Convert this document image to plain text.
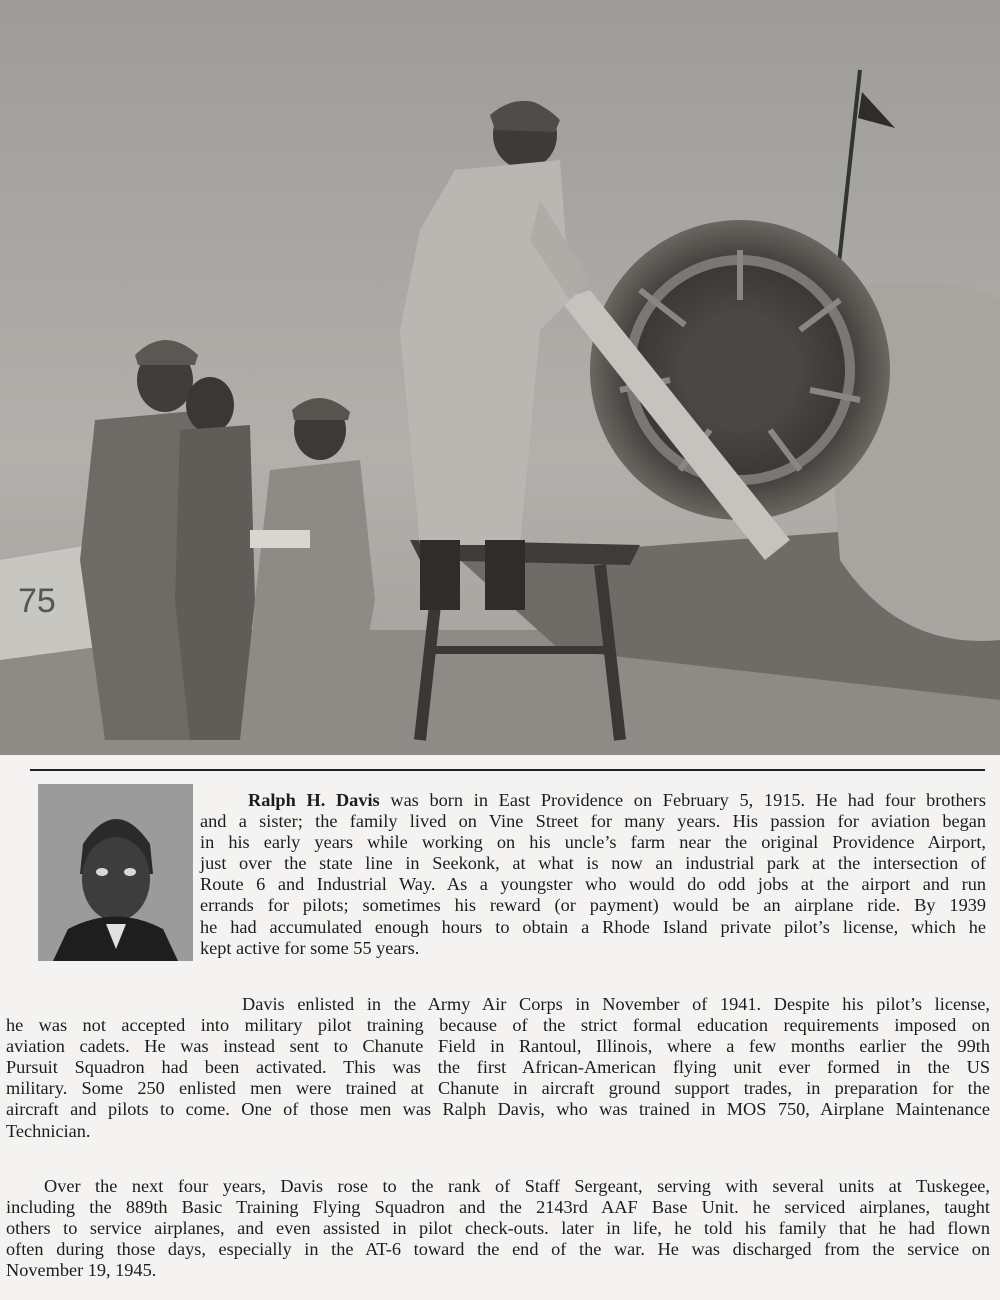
75
Ralph H. Davis was born in East Providence on February 5, 1915. He had four brothers
and a sister; the family lived on Vine Street for many years. His passion for aviation began
in his early years while working on his uncle’s farm near the original Providence Airport,
just over the state line in Seekonk, at what is now an industrial park at the intersection of
Route 6 and Industrial Way. As a youngster who would do odd jobs at the airport and run
errands for pilots; sometimes his reward (or payment) would be an airplane ride. By 1939
he had accumulated enough hours to obtain a Rhode Island private pilot’s license, which he
kept active for some 55 years.
Davis enlisted in the Army Air Corps in November of 1941. Despite his pilot’s license,
he was not accepted into military pilot training because of the strict formal education requirements imposed on
aviation cadets. He was instead sent to Chanute Field in Rantoul, Illinois, where a few months earlier the 99th
Pursuit Squadron had been activated. This was the first African-American flying unit ever formed in the US
military. Some 250 enlisted men were trained at Chanute in aircraft ground support trades, in preparation for the
aircraft and pilots to come. One of those men was Ralph Davis, who was trained in MOS 750, Airplane Maintenance
Technician.
Over the next four years, Davis rose to the rank of Staff Sergeant, serving with several units at Tuskegee,
including the 889th Basic Training Flying Squadron and the 2143rd AAF Base Unit. he serviced airplanes, taught
others to service airplanes, and even assisted in pilot check-outs. later in life, he told his family that he had flown
often during those days, especially in the AT-6 toward the end of the war. He was discharged from the service on
November 19, 1945.
